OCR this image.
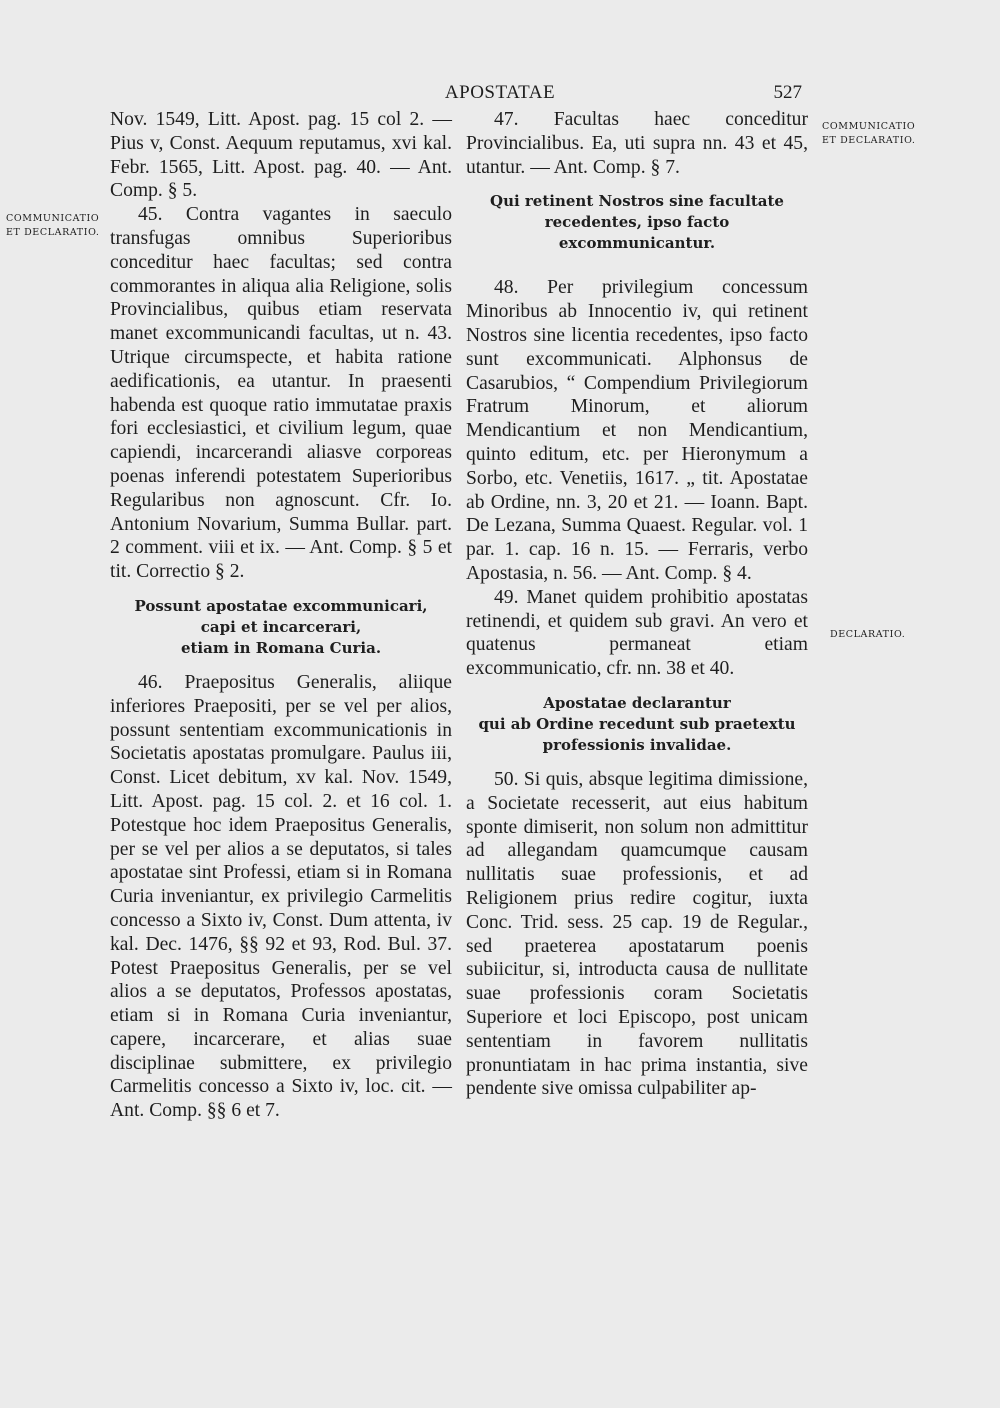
APOSTATAE	527
COMMUNICATIO
ET DECLARATIO.
COMMUNICATIO
ET DECLARATIO.
DECLARATIO.

Nov. 1549, Litt. Apost. pag. 15 col 2. — Pius v, Const. Aequum reputamus, xvi kal. Febr. 1565, Litt. Apost. pag. 40. — Ant. Comp. § 5.

45. Contra vagantes in saeculo transfugas omnibus Superioribus conceditur haec facultas; sed contra commorantes in aliqua alia Religione, solis Provincialibus, quibus etiam reservata manet excommunicandi facultas, ut n. 43. Utrique circumspecte, et habita ratione aedificationis, ea utantur. In praesenti habenda est quoque ratio immutatae praxis fori ecclesiastici, et civilium legum, quae capiendi, incarcerandi aliasve corporeas poenas inferendi potestatem Superioribus Regularibus non agnoscunt. Cfr. Io. Antonium Novarium, Summa Bullar. part. 2 comment. viii et ix. — Ant. Comp. § 5 et tit. Correctio § 2.

Possunt apostatae excommunicari,
capi et incarcerari,
etiam in Romana Curia.

46. Praepositus Generalis, aliique inferiores Praepositi, per se vel per alios, possunt sententiam excommunicationis in Societatis apostatas promulgare. Paulus iii, Const. Licet debitum, xv kal. Nov. 1549, Litt. Apost. pag. 15 col. 2. et 16 col. 1. Potestque hoc idem Praepositus Generalis, per se vel per alios a se deputatos, si tales apostatae sint Professi, etiam si in Romana Curia inveniantur, ex privilegio Carmelitis concesso a Sixto iv, Const. Dum attenta, iv kal. Dec. 1476, §§ 92 et 93, Rod. Bul. 37. Potest Praepositus Generalis, per se vel alios a se deputatos, Professos apostatas, etiam si in Romana Curia inveniantur, capere, incarcerare, et alias suae disciplinae submittere, ex privilegio Carmelitis concesso a Sixto iv, loc. cit. — Ant. Comp. §§ 6 et 7.

47. Facultas haec conceditur Provincialibus. Ea, uti supra nn. 43 et 45, utantur. — Ant. Comp. § 7.

Qui retinent Nostros sine facultate
recedentes, ipso facto excommunicantur.

48. Per privilegium concessum Minoribus ab Innocentio iv, qui retinent Nostros sine licentia recedentes, ipso facto sunt excommunicati. Alphonsus de Casarubios, “ Compendium Privilegiorum Fratrum Minorum, et aliorum Mendicantium et non Mendicantium, quinto editum, etc. per Hieronymum a Sorbo, etc. Venetiis, 1617. „ tit. Apostatae ab Ordine, nn. 3, 20 et 21. — Ioann. Bapt. De Lezana, Summa Quaest. Regular. vol. 1 par. 1. cap. 16 n. 15. — Ferraris, verbo Apostasia, n. 56. — Ant. Comp. § 4.

49. Manet quidem prohibitio apostatas retinendi, et quidem sub gravi. An vero et quatenus permaneat etiam excommunicatio, cfr. nn. 38 et 40.

Apostatae declarantur
qui ab Ordine recedunt sub praetextu
professionis invalidae.

50. Si quis, absque legitima dimissione, a Societate recesserit, aut eius habitum sponte dimiserit, non solum non admittitur ad allegandam quamcumque causam nullitatis suae professionis, et ad Religionem prius redire cogitur, iuxta Conc. Trid. sess. 25 cap. 19 de Regular., sed praeterea apostatarum poenis subiicitur, si, introducta causa de nullitate suae professionis coram Societatis Superiore et loci Episcopo, post unicam sententiam in favorem nullitatis pronuntiatam in hac prima instantia, sive pendente sive omissa culpabiliter ap-
